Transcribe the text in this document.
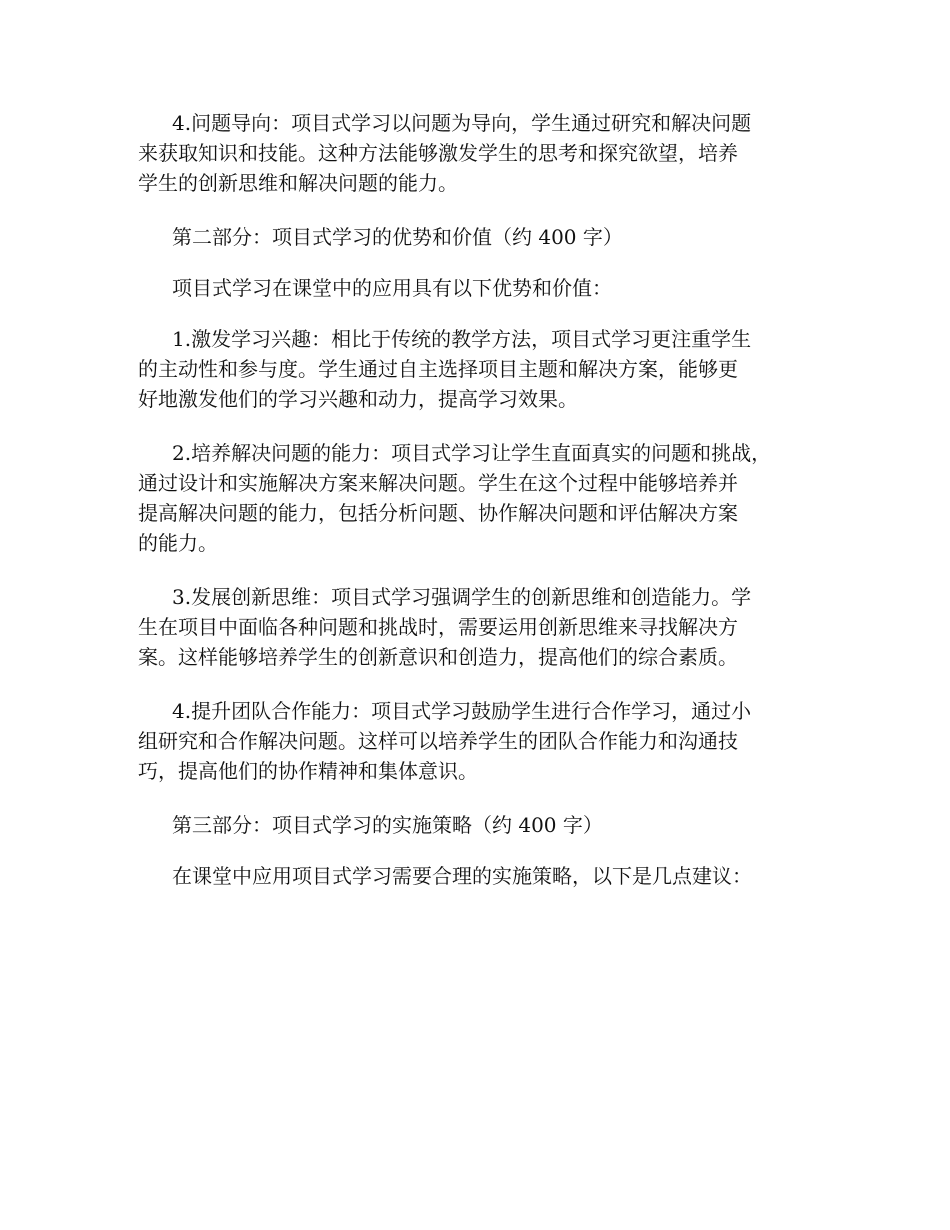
4.问题导向：项目式学习以问题为导向，学生通过研究和解决问题
来获取知识和技能。这种方法能够激发学生的思考和探究欲望，培养
学生的创新思维和解决问题的能力。

第二部分：项目式学习的优势和价值（约 400 字）

项目式学习在课堂中的应用具有以下优势和价值：

1.激发学习兴趣：相比于传统的教学方法，项目式学习更注重学生
的主动性和参与度。学生通过自主选择项目主题和解决方案，能够更
好地激发他们的学习兴趣和动力，提高学习效果。

2.培养解决问题的能力：项目式学习让学生直面真实的问题和挑战，
通过设计和实施解决方案来解决问题。学生在这个过程中能够培养并
提高解决问题的能力，包括分析问题、协作解决问题和评估解决方案
的能力。

3.发展创新思维：项目式学习强调学生的创新思维和创造能力。学
生在项目中面临各种问题和挑战时，需要运用创新思维来寻找解决方
案。这样能够培养学生的创新意识和创造力，提高他们的综合素质。

4.提升团队合作能力：项目式学习鼓励学生进行合作学习，通过小
组研究和合作解决问题。这样可以培养学生的团队合作能力和沟通技
巧，提高他们的协作精神和集体意识。

第三部分：项目式学习的实施策略（约 400 字）

在课堂中应用项目式学习需要合理的实施策略，以下是几点建议：
